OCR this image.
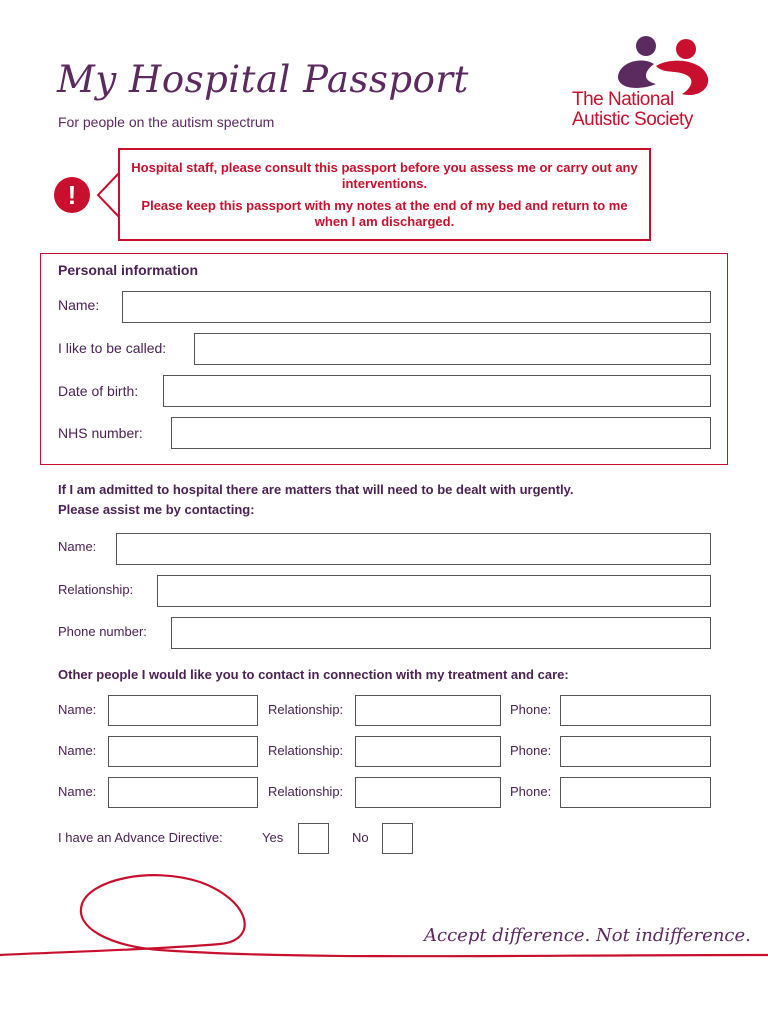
My Hospital Passport
For people on the autism spectrum
The National
Autistic Society
!
Hospital staff, please consult this passport before you assess me or carry out any interventions.
Please keep this passport with my notes at the end of my bed and return to me when I am discharged.
Personal information
Name:
I like to be called:
Date of birth:
NHS number:
If I am admitted to hospital there are matters that will need to be dealt with urgently.
Please assist me by contacting:
Name:
Relationship:
Phone number:
Other people I would like you to contact in connection with my treatment and care:
Name:	Relationship:	Phone:
Name:	Relationship:	Phone:
Name:	Relationship:	Phone:
I have an Advance Directive:	Yes	No
Accept difference. Not indifference.
